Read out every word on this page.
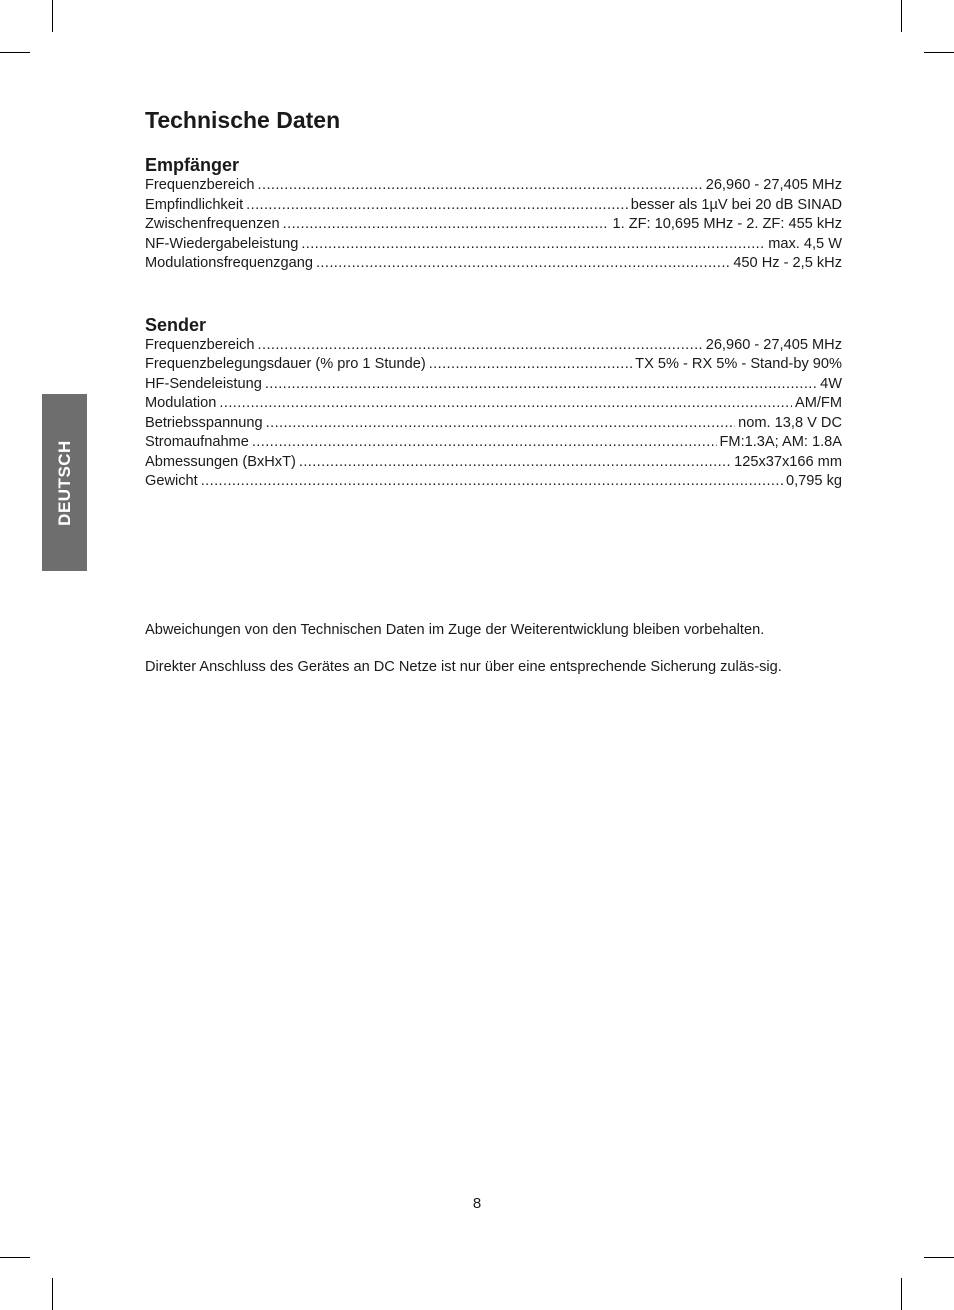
DEUTSCH
Technische Daten
Empfänger
Frequenzbereich .....	26,960 - 27,405 MHz
Empfindlichkeit .....	besser als 1µV bei 20 dB SINAD
Zwischenfrequenzen .....	1. ZF: 10,695 MHz - 2. ZF: 455 kHz
NF-Wiedergabeleistung .....	max. 4,5 W
Modulationsfrequenzgang .....	450 Hz - 2,5 kHz
Sender
Frequenzbereich .....	26,960 - 27,405 MHz
Frequenzbelegungsdauer (% pro 1 Stunde) .....	TX 5% - RX 5% - Stand-by 90%
HF-Sendeleistung .....	4W
Modulation .....	AM/FM
Betriebsspannung .....	nom. 13,8 V DC
Stromaufnahme .....	FM:1.3A; AM: 1.8A
Abmessungen (BxHxT) .....	125x37x166 mm
Gewicht .....	0,795 kg

Abweichungen von den Technischen Daten im Zuge der Weiterentwicklung bleiben vorbehalten.

Direkter Anschluss des Gerätes an DC Netze ist nur über eine entsprechende Sicherung zuläs-sig.

8
